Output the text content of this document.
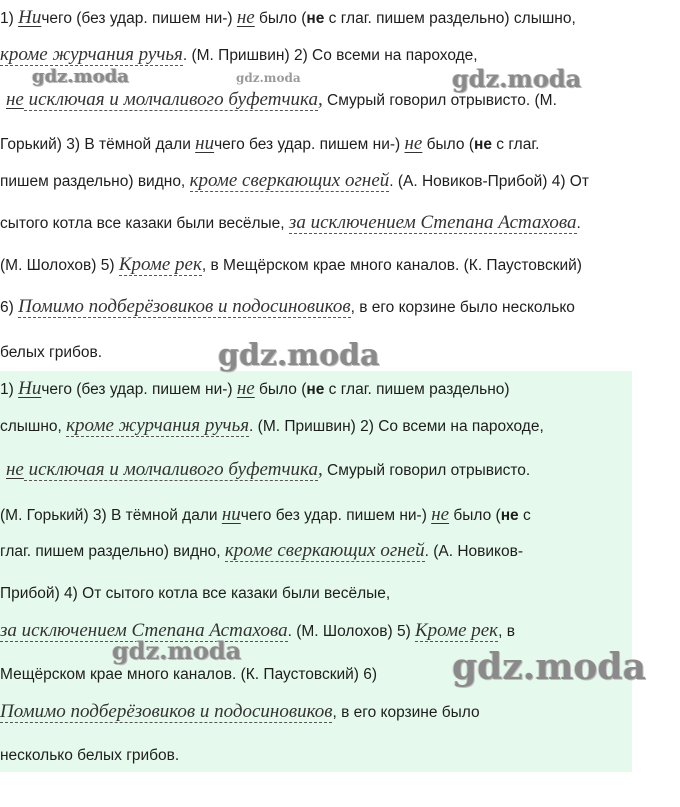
1) Ничего (без удар. пишем ни-) не было (не с глаг. пишем раздельно) слышно,
кроме журчания ручья. (М. Пришвин) 2) Со всеми на пароходе,
не исключая и молчаливого буфетчика, Смурый говорил отрывисто. (М.
Горький) 3) В тёмной дали ничего без удар. пишем ни-) не было (не с глаг.
пишем раздельно) видно, кроме сверкающих огней. (А. Новиков-Прибой) 4) От
сытого котла все казаки были весёлые, за исключением Степана Астахова.
(М. Шолохов) 5) Кроме рек, в Мещёрском крае много каналов. (К. Паустовский)
6) Помимо подберёзовиков и подосиновиков, в его корзине было несколько
белых грибов.
1) Ничего (без удар. пишем ни-) не было (не с глаг. пишем раздельно)
слышно, кроме журчания ручья. (М. Пришвин) 2) Со всеми на пароходе,
не исключая и молчаливого буфетчика, Смурый говорил отрывисто.
(М. Горький) 3) В тёмной дали ничего без удар. пишем ни-) не было (не с
глаг. пишем раздельно) видно, кроме сверкающих огней. (А. Новиков-
Прибой) 4) От сытого котла все казаки были весёлые,
за исключением Степана Астахова. (М. Шолохов) 5) Кроме рек, в
Мещёрском крае много каналов. (К. Паустовский) 6)
Помимо подберёзовиков и подосиновиков, в его корзине было
несколько белых грибов.
gdz.moda	gdz.moda	gdz.moda
gdz.moda
gdz.moda	gdz.moda
